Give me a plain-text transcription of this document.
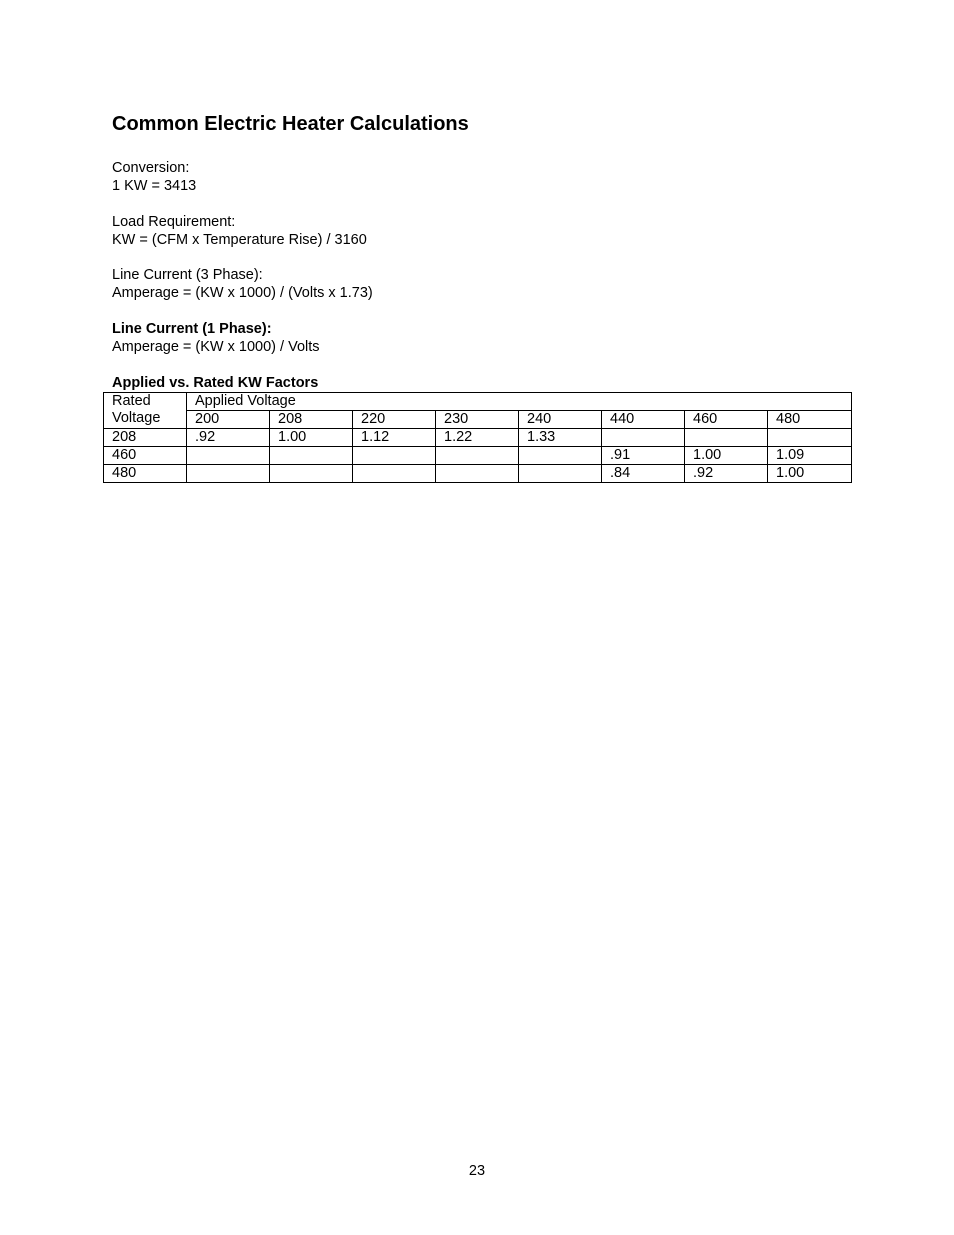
Common Electric Heater Calculations
Conversion:
1 KW = 3413
Load Requirement:
KW = (CFM x Temperature Rise) / 3160
Line Current (3 Phase):
Amperage = (KW x 1000) / (Volts x 1.73)
Line Current (1 Phase):
Amperage = (KW x 1000) / Volts
Applied vs. Rated KW Factors
Rated
Voltage	Applied Voltage							
	200	208	220	230	240	440	460	480
208	.92	1.00	1.12	1.22	1.33			
460						.91	1.00	1.09
480						.84	.92	1.00
23
